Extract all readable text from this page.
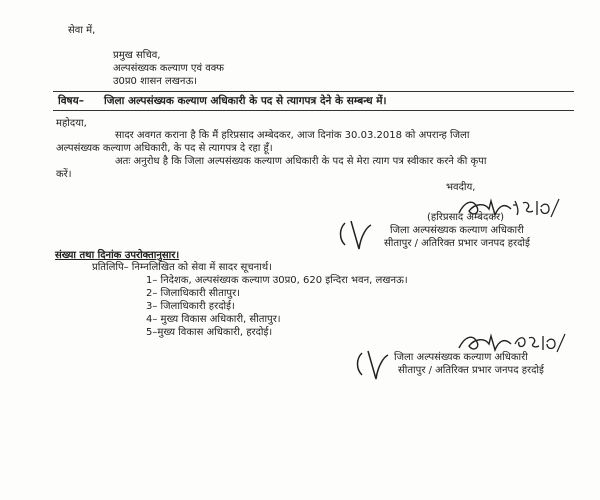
सेवा में,
प्रमुख सचिव,
अल्पसंख्यक कल्याण एवं वक्फ
उ0प्र0 शासन लखनऊ।
विषय– जिला अल्पसंख्यक कल्याण अधिकारी के पद से त्यागपत्र देने के सम्बन्ध में।
महोदया,
सादर अवगत कराना है कि मैं हरिप्रसाद अम्बेदकर, आज दिनांक 30.03.2018 को अपरान्ह जिला
अल्पसंख्यक कल्याण अधिकारी, के पद से त्यागपत्र दे रहा हूँ।
अतः अनुरोध है कि जिला अल्पसंख्यक कल्याण अधिकारी के पद से मेरा त्याग पत्र स्वीकार करने की कृपा
करें।
भवदीय,
(हरिप्रसाद अम्बेदकर)
जिला अल्पसंख्यक कल्याण अधिकारी
सीतापुर / अतिरिक्त प्रभार जनपद हरदोई
संख्या तथा दिनांक उपरोक्तानुसार।
प्रतिलिपि– निम्नलिखित को सेवा में सादर सूचनार्थ।
1– निदेशक, अल्पसंख्यक कल्याण उ0प्र0, 620 इन्दिरा भवन, लखनऊ।
2– जिलाधिकारी सीतापुर।
3– जिलाधिकारी हरदोई।
4– मुख्य विकास अधिकारी, सीतापुर।
5–मुख्य विकास अधिकारी, हरदोई।
जिला अल्पसंख्यक कल्याण अधिकारी
सीतापुर / अतिरिक्त प्रभार जनपद हरदोई
